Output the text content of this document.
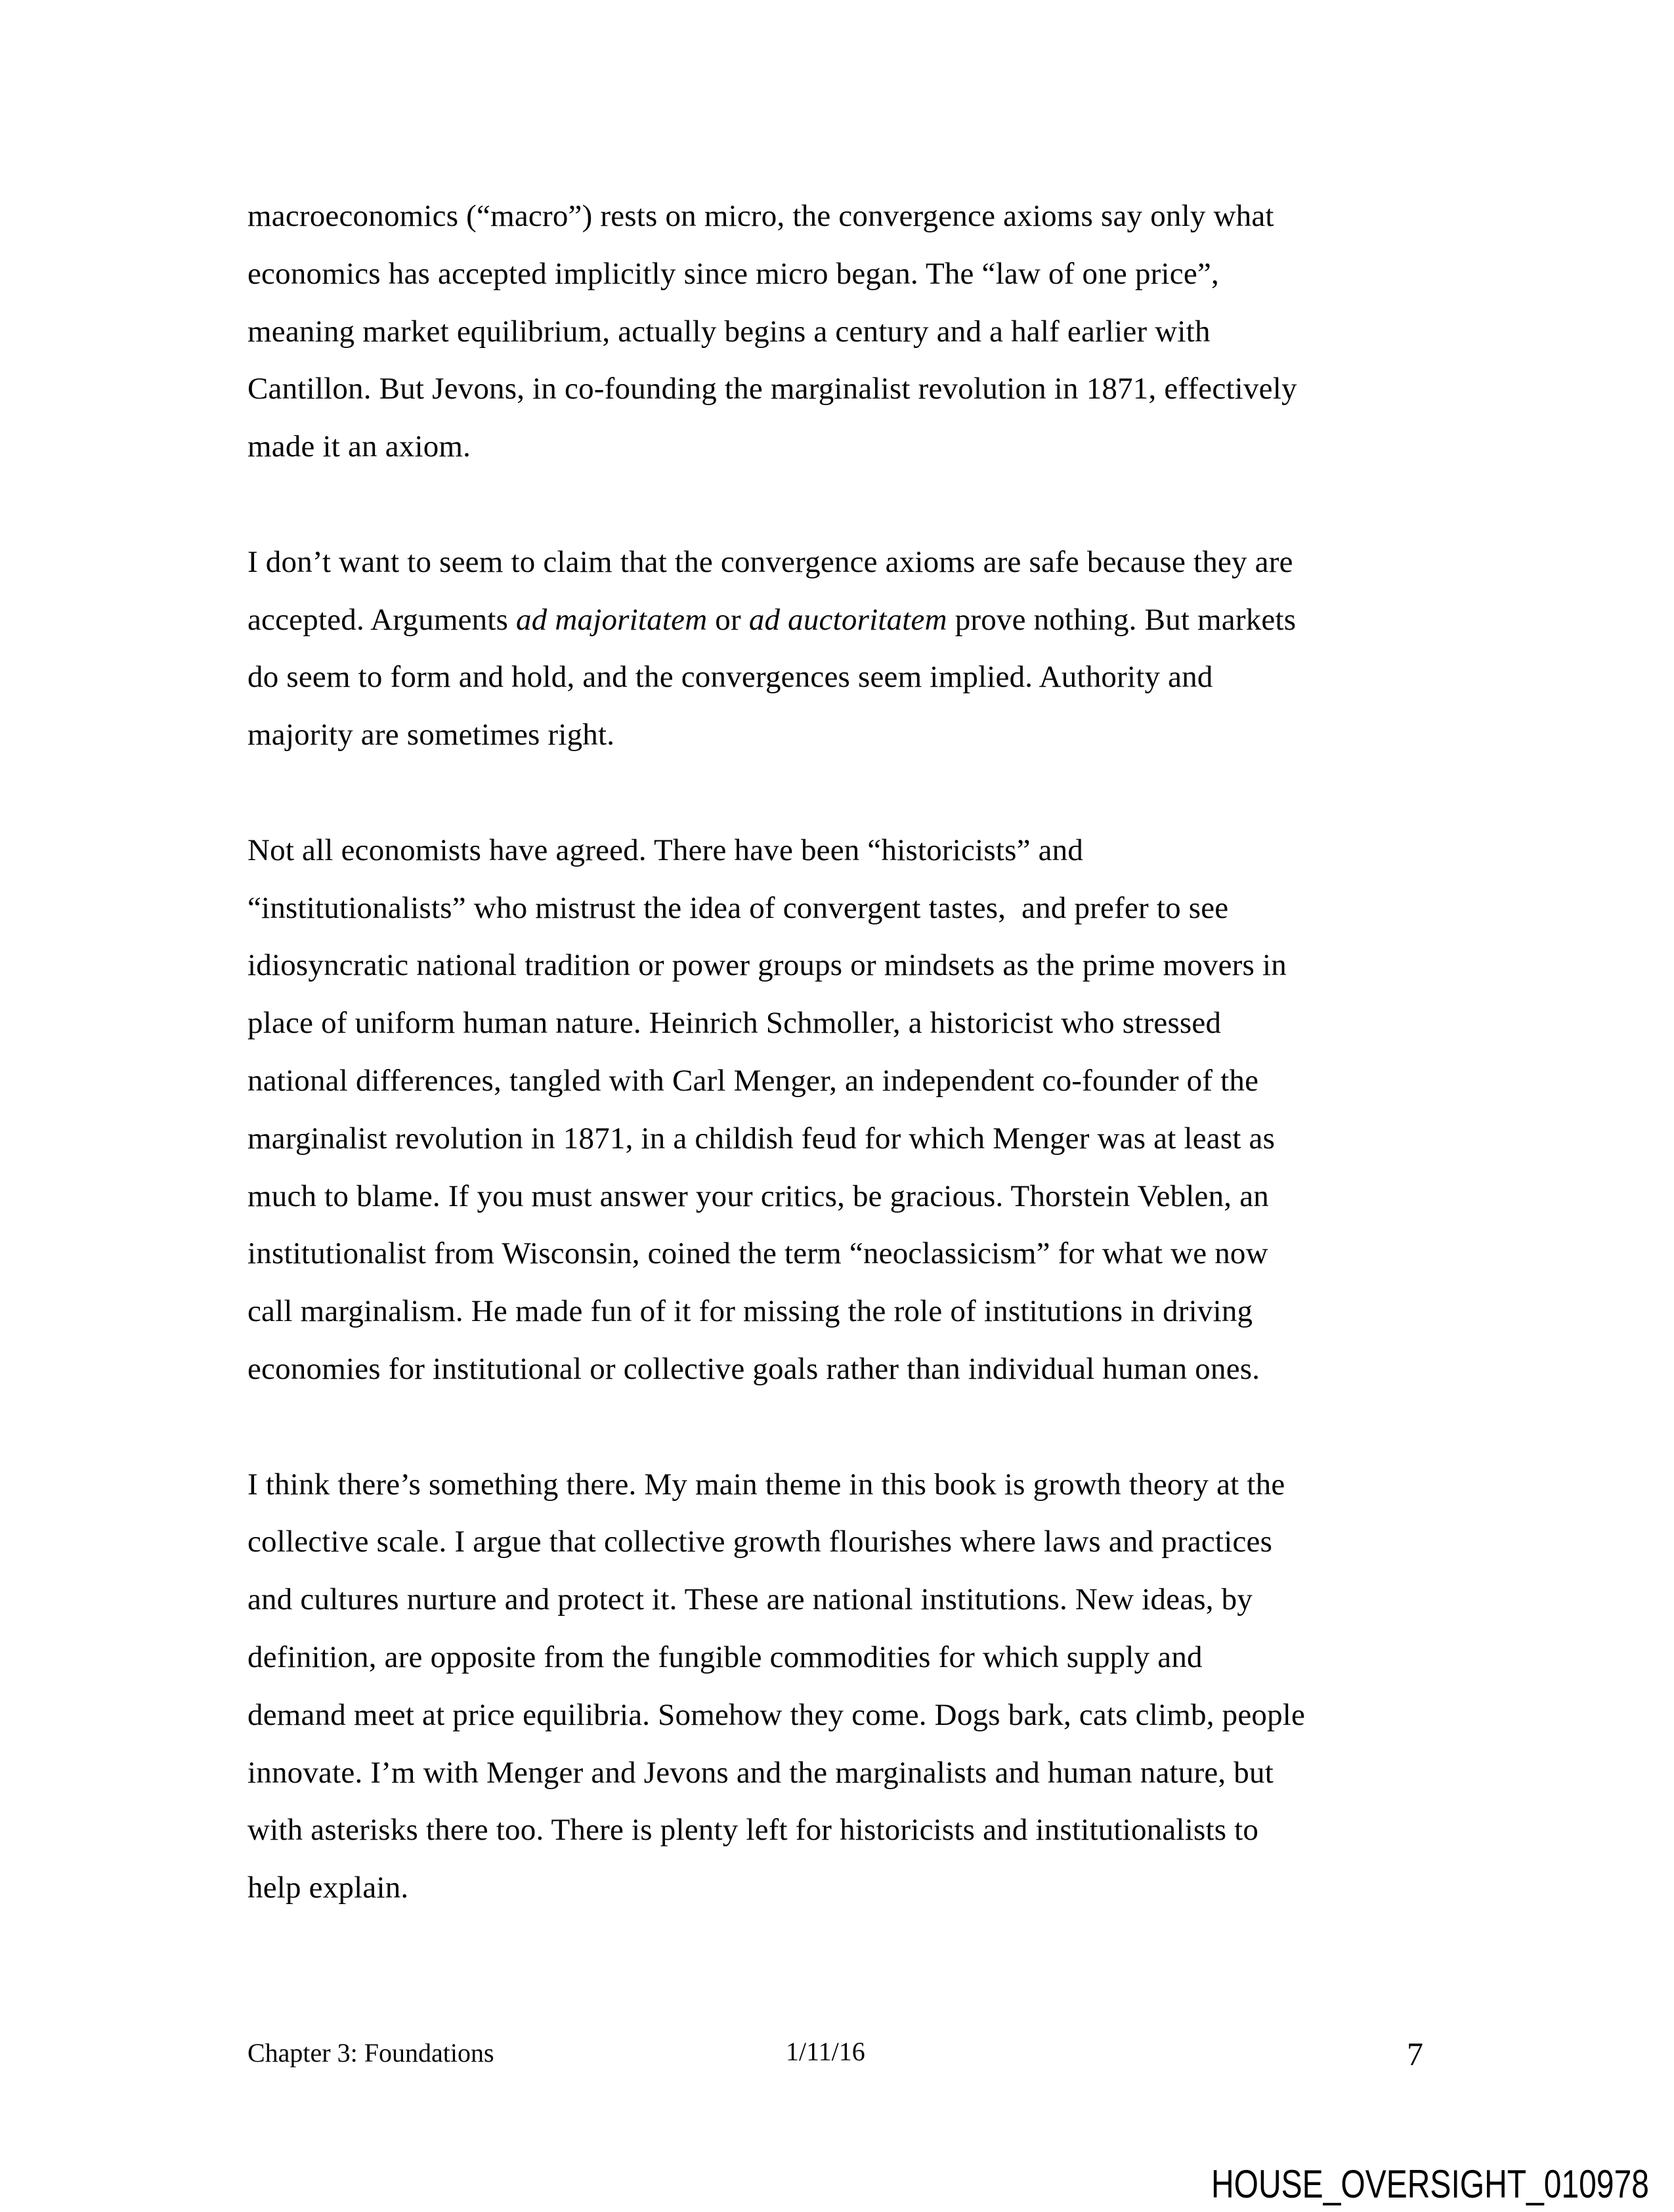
macroeconomics (“macro”) rests on micro, the convergence axioms say only what
economics has accepted implicitly since micro began. The “law of one price”,
meaning market equilibrium, actually begins a century and a half earlier with
Cantillon. But Jevons, in co-founding the marginalist revolution in 1871, effectively
made it an axiom.
I don’t want to seem to claim that the convergence axioms are safe because they are
accepted. Arguments ad majoritatem or ad auctoritatem prove nothing. But markets
do seem to form and hold, and the convergences seem implied. Authority and
majority are sometimes right.
Not all economists have agreed. There have been “historicists” and
“institutionalists” who mistrust the idea of convergent tastes,  and prefer to see
idiosyncratic national tradition or power groups or mindsets as the prime movers in
place of uniform human nature. Heinrich Schmoller, a historicist who stressed
national differences, tangled with Carl Menger, an independent co-founder of the
marginalist revolution in 1871, in a childish feud for which Menger was at least as
much to blame. If you must answer your critics, be gracious. Thorstein Veblen, an
institutionalist from Wisconsin, coined the term “neoclassicism” for what we now
call marginalism. He made fun of it for missing the role of institutions in driving
economies for institutional or collective goals rather than individual human ones.
I think there’s something there. My main theme in this book is growth theory at the
collective scale. I argue that collective growth flourishes where laws and practices
and cultures nurture and protect it. These are national institutions. New ideas, by
definition, are opposite from the fungible commodities for which supply and
demand meet at price equilibria. Somehow they come. Dogs bark, cats climb, people
innovate. I’m with Menger and Jevons and the marginalists and human nature, but
with asterisks there too. There is plenty left for historicists and institutionalists to
help explain.
Chapter 3: Foundations	1/11/16	7
HOUSE_OVERSIGHT_010978
